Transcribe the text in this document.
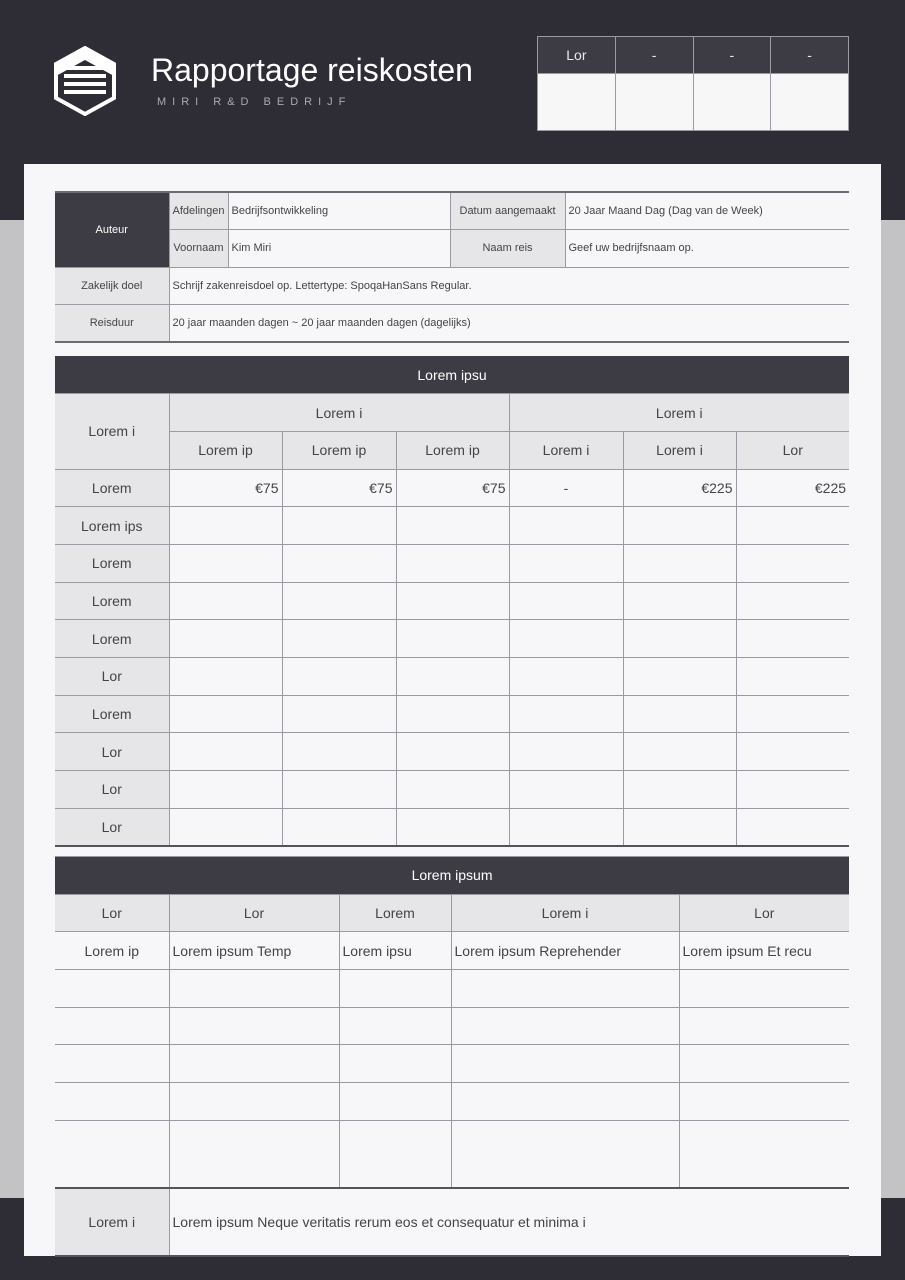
Rapportage reiskosten
MIRI R&D BEDRIJF
Lor	-	-	-

Auteur	Afdelingen	Bedrijfsontwikkeling	Datum aangemaakt	20 Jaar Maand Dag (Dag van de Week)
	Voornaam	Kim Miri	Naam reis	Geef uw bedrijfsnaam op.
Zakelijk doel	Schrijf zakenreisdoel op. Lettertype: SpoqaHanSans Regular.			
Reisduur	20 jaar maanden dagen ~ 20 jaar maanden dagen (dagelijks)			
Lorem ipsu						
Lorem i	Lorem i			Lorem i		
	Lorem ip	Lorem ip	Lorem ip	Lorem i	Lorem i	Lor
Lorem	€75	€75	€75	-	€225	€225
Lorem ips						
Lorem						
Lorem						
Lorem						
Lor						
Lorem						
Lor						
Lor						
Lor						
Lorem ipsum				
Lor	Lor	Lorem	Lorem i	Lor
Lorem ip	Lorem ipsum Temp	Lorem ipsu	Lorem ipsum Reprehender	Lorem ipsum Et recu

Lorem i	Lorem ipsum Neque veritatis rerum eos et consequatur et minima i			
